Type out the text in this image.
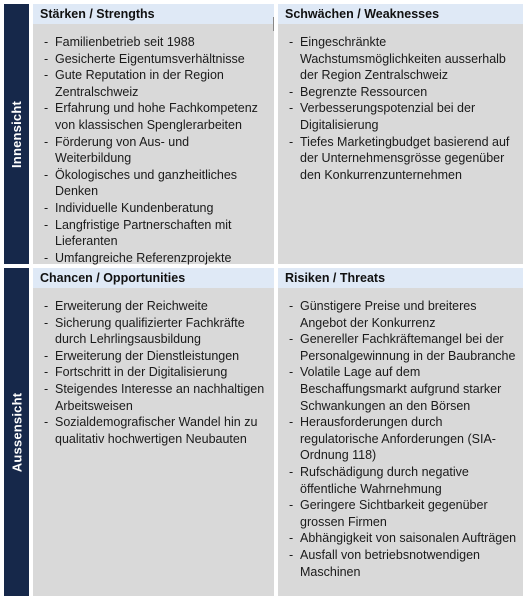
Innensicht
Aussensicht
Stärken / Strengths
- Familienbetrieb seit 1988
- Gesicherte Eigentumsverhältnisse
- Gute Reputation in der Region Zentralschweiz
- Erfahrung und hohe Fachkompetenz von klassischen Spenglerarbeiten
- Förderung von Aus- und Weiterbildung
- Ökologisches und ganzheitliches Denken
- Individuelle Kundenberatung
- Langfristige Partnerschaften mit Lieferanten
- Umfangreiche Referenzprojekte
Schwächen / Weaknesses
- Eingeschränkte Wachstumsmöglichkeiten ausserhalb der Region Zentralschweiz
- Begrenzte Ressourcen
- Verbesserungspotenzial bei der Digitalisierung
- Tiefes Marketingbudget basierend auf der Unternehmensgrösse gegenüber den Konkurrenzunternehmen
Chancen / Opportunities
- Erweiterung der Reichweite
- Sicherung qualifizierter Fachkräfte durch Lehrlingsausbildung
- Erweiterung der Dienstleistungen
- Fortschritt in der Digitalisierung
- Steigendes Interesse an nachhaltigen Arbeitsweisen
- Sozialdemografischer Wandel hin zu qualitativ hochwertigen Neubauten
Risiken / Threats
- Günstigere Preise und breiteres Angebot der Konkurrenz
- Genereller Fachkräftemangel bei der Personalgewinnung in der Baubranche
- Volatile Lage auf dem Beschaffungsmarkt aufgrund starker Schwankungen an den Börsen
- Herausforderungen durch regulatorische Anforderungen (SIA-Ordnung 118)
- Rufschädigung durch negative öffentliche Wahrnehmung
- Geringere Sichtbarkeit gegenüber grossen Firmen
- Abhängigkeit von saisonalen Aufträgen
- Ausfall von betriebsnotwendigen Maschinen
